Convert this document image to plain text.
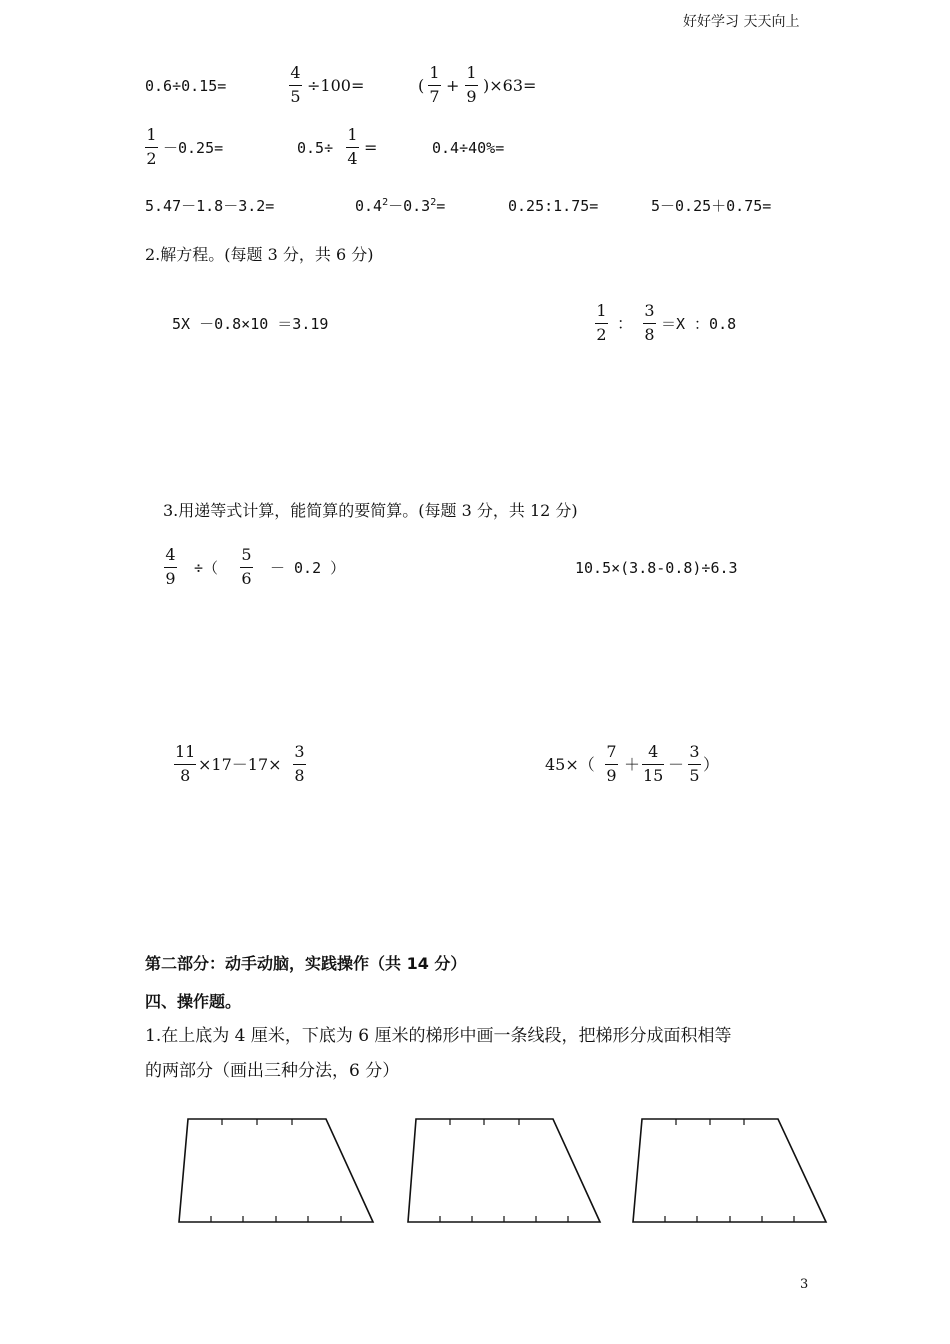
好好学习 天天向上
0.6÷0.15=
4
5
÷100=	(
1
7
+
1
9
)×63=
1
2
－0.25=	0.5÷
1
4
=	0.4÷40%=
5.47－1.8－3.2=	$0.4^2-0.3^2=$	0.25:1.75=	5－0.25＋0.75=
2.解方程。(每题 3 分，共 6 分)
5X －0.8×10 ＝3.19
1
2
：
3
8
＝X ：0.8
3.用递等式计算，能简算的要简算。(每题 3 分，共 12 分)
4
9
÷（
5
6
－ 0.2 ）	10.5×(3.8-0.8)÷6.3
11
8
×17－17×
3
8
45×（
7
9
＋
4
15
－
3
5
）
第二部分：动手动脑，实践操作（共 14 分）
四、操作题。
1.在上底为 4 厘米，下底为 6 厘米的梯形中画一条线段，把梯形分成面积相等
的两部分（画出三种分法，6 分）
3
